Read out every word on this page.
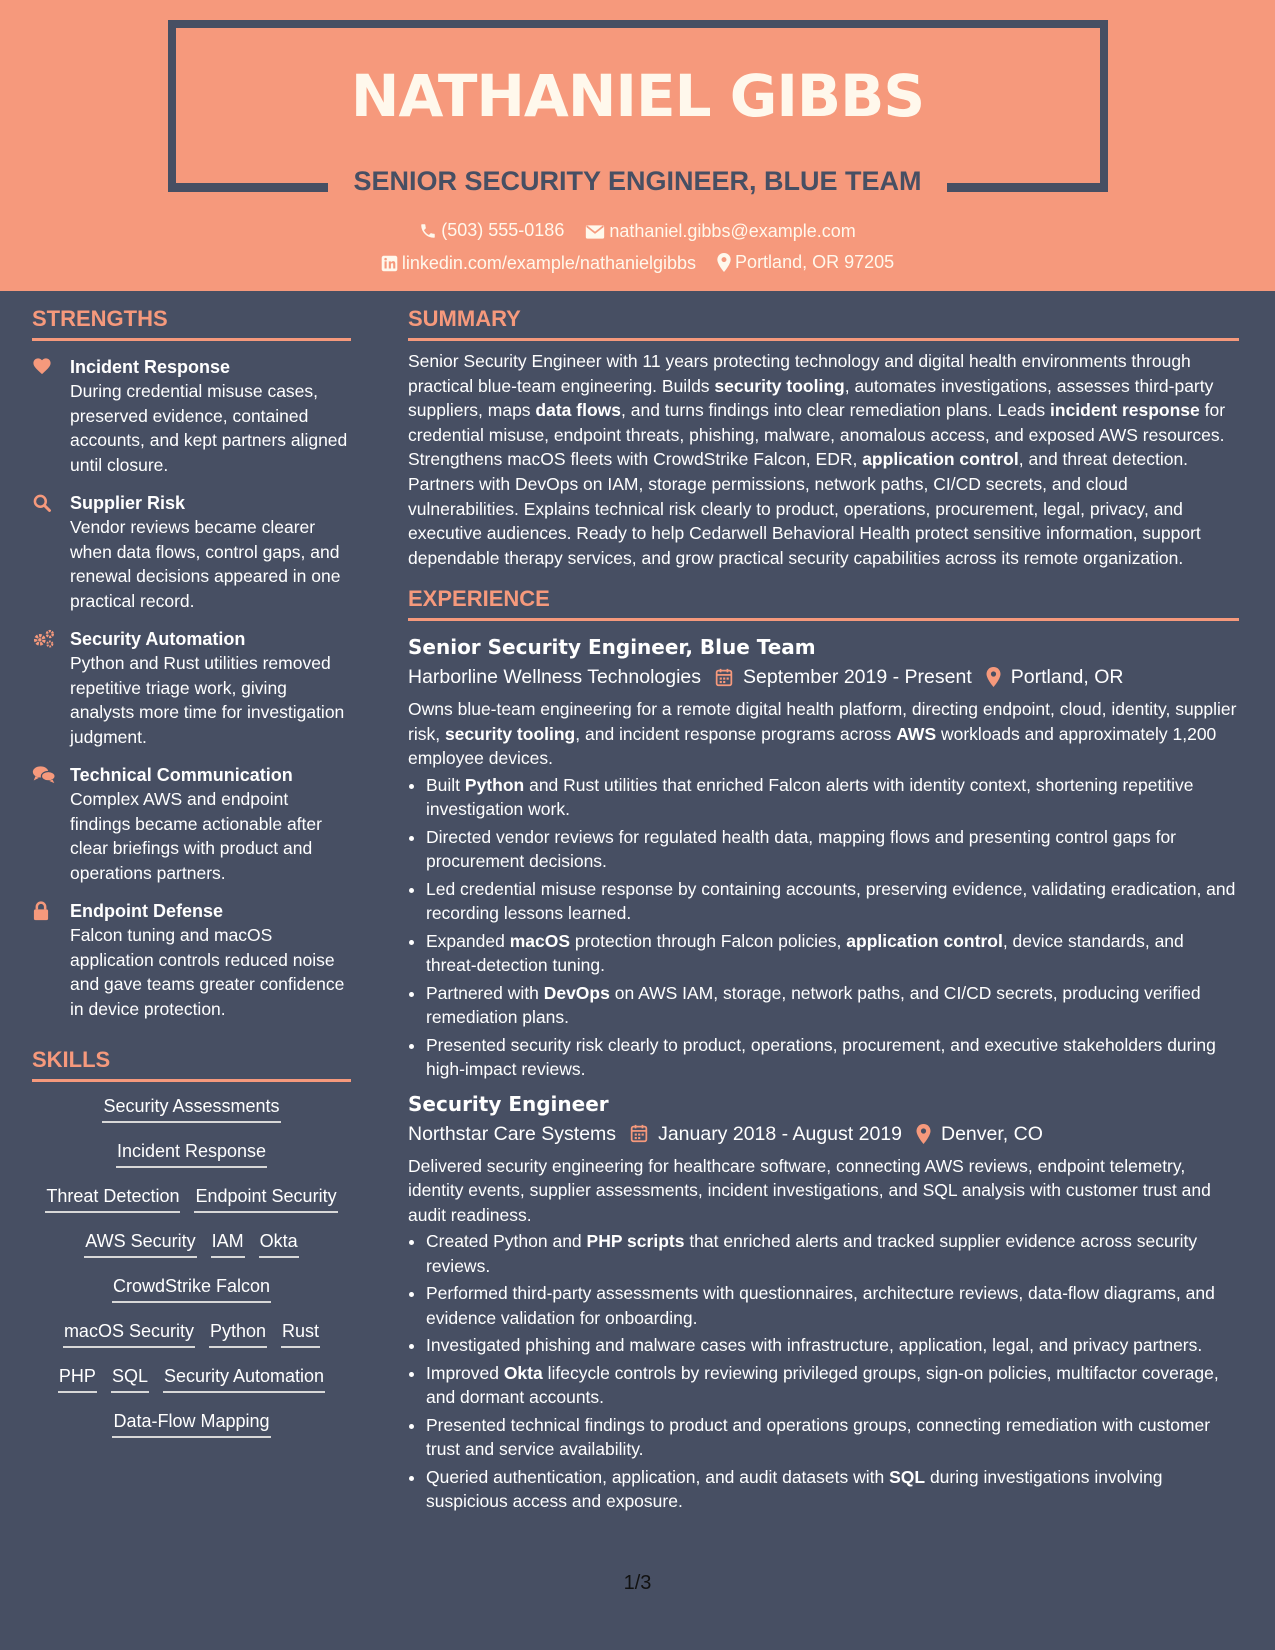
NATHANIEL GIBBS
SENIOR SECURITY ENGINEER, BLUE TEAM
(503) 555-0186
	nathaniel.gibbs@example.com
linkedin.com/example/nathanielgibbs
Portland, OR 97205
STRENGTHS
Incident Response
During credential misuse cases, preserved evidence, contained accounts, and kept partners aligned until closure.
Supplier Risk
Vendor reviews became clearer when data flows, control gaps, and renewal decisions appeared in one practical record.
Security Automation
Python and Rust utilities removed repetitive triage work, giving analysts more time for investigation judgment.
Technical Communication
Complex AWS and endpoint findings became actionable after clear briefings with product and operations partners.
Endpoint Defense
Falcon tuning and macOS application controls reduced noise and gave teams greater confidence in device protection.
SKILLS
Security Assessments
Incident Response
Threat Detection Endpoint Security
AWS Security IAM Okta
CrowdStrike Falcon
macOS Security Python Rust
PHP SQL Security Automation
Data-Flow Mapping
SUMMARY
Senior Security Engineer with 11 years protecting technology and digital health environments through practical blue-team engineering. Builds security tooling, automates investigations, assesses third-party suppliers, maps data flows, and turns findings into clear remediation plans. Leads incident response for credential misuse, endpoint threats, phishing, malware, anomalous access, and exposed AWS resources. Strengthens macOS fleets with CrowdStrike Falcon, EDR, application control, and threat detection. Partners with DevOps on IAM, storage permissions, network paths, CI/CD secrets, and cloud vulnerabilities. Explains technical risk clearly to product, operations, procurement, legal, privacy, and executive audiences. Ready to help Cedarwell Behavioral Health protect sensitive information, support dependable therapy services, and grow practical security capabilities across its remote organization.
EXPERIENCE
Senior Security Engineer, Blue Team
Harborline Wellness Technologies September 2019 - Present Portland, OR
Owns blue-team engineering for a remote digital health platform, directing endpoint, cloud, identity, supplier risk, security tooling, and incident response programs across AWS workloads and approximately 1,200 employee devices.
• Built Python and Rust utilities that enriched Falcon alerts with identity context, shortening repetitive investigation work.
• Directed vendor reviews for regulated health data, mapping flows and presenting control gaps for procurement decisions.
• Led credential misuse response by containing accounts, preserving evidence, validating eradication, and recording lessons learned.
• Expanded macOS protection through Falcon policies, application control, device standards, and threat-detection tuning.
• Partnered with DevOps on AWS IAM, storage, network paths, and CI/CD secrets, producing verified remediation plans.
• Presented security risk clearly to product, operations, procurement, and executive stakeholders during high-impact reviews.
Security Engineer
Northstar Care Systems January 2018 - August 2019 Denver, CO
Delivered security engineering for healthcare software, connecting AWS reviews, endpoint telemetry, identity events, supplier assessments, incident investigations, and SQL analysis with customer trust and audit readiness.
• Created Python and PHP scripts that enriched alerts and tracked supplier evidence across security reviews.
• Performed third-party assessments with questionnaires, architecture reviews, data-flow diagrams, and evidence validation for onboarding.
• Investigated phishing and malware cases with infrastructure, application, legal, and privacy partners.
• Improved Okta lifecycle controls by reviewing privileged groups, sign-on policies, multifactor coverage, and dormant accounts.
• Presented technical findings to product and operations groups, connecting remediation with customer trust and service availability.
• Queried authentication, application, and audit datasets with SQL during investigations involving suspicious access and exposure.
1/3
